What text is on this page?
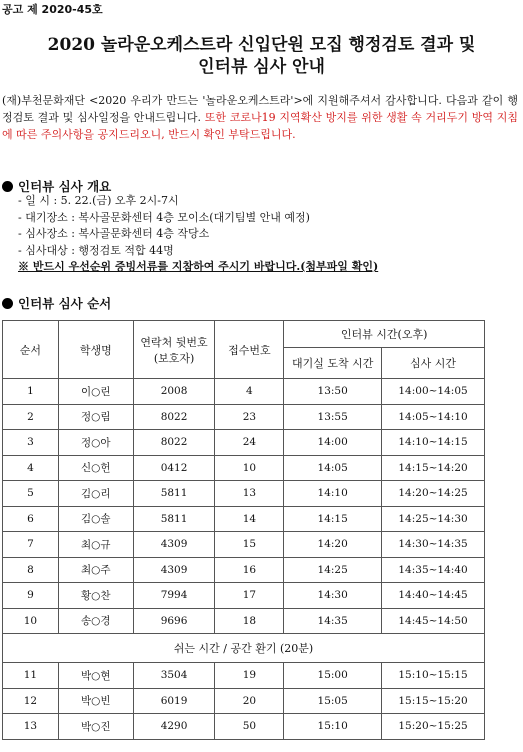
공고 제 2020-45호
2020 놀라운오케스트라 신입단원 모집 행정검토 결과 및
인터뷰 심사 안내
(재)부천문화재단 <2020 우리가 만드는 '놀라운오케스트라'>에 지원해주셔서 감사합니다. 다음과 같이 행정검토 결과 및 심사일정을 안내드립니다. 또한 코로나19 지역확산 방지를 위한 생활 속 거리두기 방역 지침에 따른 주의사항을 공지드리오니, 반드시 확인 부탁드립니다.
인터뷰 심사 개요
- 일 시 : 5. 22.(금) 오후 2시-7시
- 대기장소 : 복사골문화센터 4층 모이소(대기팀별 안내 예정)
- 심사장소 : 복사골문화센터 4층 작당소
- 심사대상 : 행정검토 적합 44명
※ 반드시 우선순위 증빙서류를 지참하여 주시기 바랍니다.(첨부파일 확인)
인터뷰 심사 순서
순서	학생명	연락처 뒷번호 (보호자)	접수번호	인터뷰 시간(오후)	
				대기실 도착 시간	심사 시간
1	이○린	2008	4	13:50	14:00~14:05
2	정○림	8022	23	13:55	14:05~14:10
3	정○아	8022	24	14:00	14:10~14:15
4	신○헌	0412	10	14:05	14:15~14:20
5	김○리	5811	13	14:10	14:20~14:25
6	김○솔	5811	14	14:15	14:25~14:30
7	최○규	4309	15	14:20	14:30~14:35
8	최○주	4309	16	14:25	14:35~14:40
9	황○찬	7994	17	14:30	14:40~14:45
10	송○경	9696	18	14:35	14:45~14:50
쉬는 시간 / 공간 환기 (20분)					
11	박○현	3504	19	15:00	15:10~15:15
12	박○빈	6019	20	15:05	15:15~15:20
13	박○진	4290	50	15:10	15:20~15:25
